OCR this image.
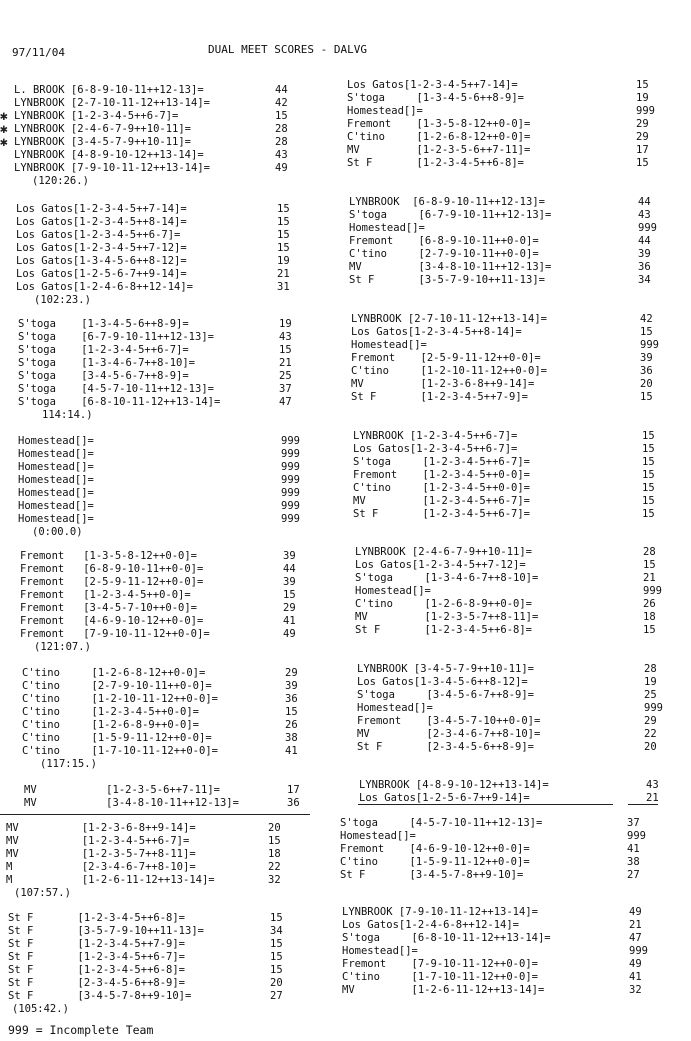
97/11/04	DUAL MEET SCORES - DALVG
L. BROOK [6-8-9-10-11++12-13]=	44
LYNBROOK [2-7-10-11-12++13-14]=	42
LYNBROOK [1-2-3-4-5++6-7]=	15
LYNBROOK [2-4-6-7-9++10-11]=	28
LYNBROOK [3-4-5-7-9++10-11]=	28
LYNBROOK [4-8-9-10-12++13-14]=	43
LYNBROOK [7-9-10-11-12++13-14]=	49
(120:26.)
Los Gatos[1-2-3-4-5++7-14]=	15
Los Gatos[1-2-3-4-5++8-14]=	15
Los Gatos[1-2-3-4-5++6-7]=	15
Los Gatos[1-2-3-4-5++7-12]=	15
Los Gatos[1-3-4-5-6++8-12]=	19
Los Gatos[1-2-5-6-7++9-14]=	21
Los Gatos[1-2-4-6-8++12-14]=	31
(102:23.)
S'toga    [1-3-4-5-6++8-9]=	19
S'toga    [6-7-9-10-11++12-13]=	43
S'toga    [1-2-3-4-5++6-7]=	15
S'toga    [1-3-4-6-7++8-10]=	21
S'toga    [3-4-5-6-7++8-9]=	25
S'toga    [4-5-7-10-11++12-13]=	37
S'toga    [6-8-10-11-12++13-14]=	47
114:14.)
Homestead[]=	999
Homestead[]=	999
Homestead[]=	999
Homestead[]=	999
Homestead[]=	999
Homestead[]=	999
Homestead[]=	999
(0:00.0)
Fremont   [1-3-5-8-12++0-0]=	39
Fremont   [6-8-9-10-11++0-0]=	44
Fremont   [2-5-9-11-12++0-0]=	39
Fremont   [1-2-3-4-5++0-0]=	15
Fremont   [3-4-5-7-10++0-0]=	29
Fremont   [4-6-9-10-12++0-0]=	41
Fremont   [7-9-10-11-12++0-0]=	49
(121:07.)
C'tino     [1-2-6-8-12++0-0]=	29
C'tino     [2-7-9-10-11++0-0]=	39
C'tino     [1-2-10-11-12++0-0]=	36
C'tino     [1-2-3-4-5++0-0]=	15
C'tino     [1-2-6-8-9++0-0]=	26
C'tino     [1-5-9-11-12++0-0]=	38
C'tino     [1-7-10-11-12++0-0]=	41
(117:15.)
MV           [1-2-3-5-6++7-11]=	17
MV           [3-4-8-10-11++12-13]=	36
MV          [1-2-3-6-8++9-14]=	20
MV          [1-2-3-4-5++6-7]=	15
MV          [1-2-3-5-7++8-11]=	18
M           [2-3-4-6-7++8-10]=	22
M           [1-2-6-11-12++13-14]=	32
(107:57.)
St F       [1-2-3-4-5++6-8]=	15
St F       [3-5-7-9-10++11-13]=	34
St F       [1-2-3-4-5++7-9]=	15
St F       [1-2-3-4-5++6-7]=	15
St F       [1-2-3-4-5++6-8]=	15
St F       [2-3-4-5-6++8-9]=	20
St F       [3-4-5-7-8++9-10]=	27
(105:42.)
Los Gatos[1-2-3-4-5++7-14]=	15
S'toga     [1-3-4-5-6++8-9]=	19
Homestead[]=	999
Fremont    [1-3-5-8-12++0-0]=	29
C'tino     [1-2-6-8-12++0-0]=	29
MV         [1-2-3-5-6++7-11]=	17
St F       [1-2-3-4-5++6-8]=	15
LYNBROOK  [6-8-9-10-11++12-13]=	44
S'toga     [6-7-9-10-11++12-13]=	43
Homestead[]=	999
Fremont    [6-8-9-10-11++0-0]=	44
C'tino     [2-7-9-10-11++0-0]=	39
MV         [3-4-8-10-11++12-13]=	36
St F       [3-5-7-9-10++11-13]=	34
LYNBROOK [2-7-10-11-12++13-14]=	42
Los Gatos[1-2-3-4-5++8-14]=	15
Homestead[]=	999
Fremont    [2-5-9-11-12++0-0]=	39
C'tino     [1-2-10-11-12++0-0]=	36
MV         [1-2-3-6-8++9-14]=	20
St F       [1-2-3-4-5++7-9]=	15
LYNBROOK [1-2-3-4-5++6-7]=	15
Los Gatos[1-2-3-4-5++6-7]=	15
S'toga     [1-2-3-4-5++6-7]=	15
Fremont    [1-2-3-4-5++0-0]=	15
C'tino     [1-2-3-4-5++0-0]=	15
MV         [1-2-3-4-5++6-7]=	15
St F       [1-2-3-4-5++6-7]=	15
LYNBROOK [2-4-6-7-9++10-11]=	28
Los Gatos[1-2-3-4-5++7-12]=	15
S'toga     [1-3-4-6-7++8-10]=	21
Homestead[]=	999
C'tino     [1-2-6-8-9++0-0]=	26
MV         [1-2-3-5-7++8-11]=	18
St F       [1-2-3-4-5++6-8]=	15
LYNBROOK [3-4-5-7-9++10-11]=	28
Los Gatos[1-3-4-5-6++8-12]=	19
S'toga     [3-4-5-6-7++8-9]=	25
Homestead[]=	999
Fremont    [3-4-5-7-10++0-0]=	29
MV         [2-3-4-6-7++8-10]=	22
St F       [2-3-4-5-6++8-9]=	20
LYNBROOK [4-8-9-10-12++13-14]=	43
Los Gatos[1-2-5-6-7++9-14]=	21
S'toga     [4-5-7-10-11++12-13]=	37
Homestead[]=	999
Fremont    [4-6-9-10-12++0-0]=	41
C'tino     [1-5-9-11-12++0-0]=	38
St F       [3-4-5-7-8++9-10]=	27
LYNBROOK [7-9-10-11-12++13-14]=	49
Los Gatos[1-2-4-6-8++12-14]=	21
S'toga     [6-8-10-11-12++13-14]=	47
Homestead[]=	999
Fremont    [7-9-10-11-12++0-0]=	49
C'tino     [1-7-10-11-12++0-0]=	41
MV         [1-2-6-11-12++13-14]=	32
✱
✱
✱
999 = Incomplete Team
